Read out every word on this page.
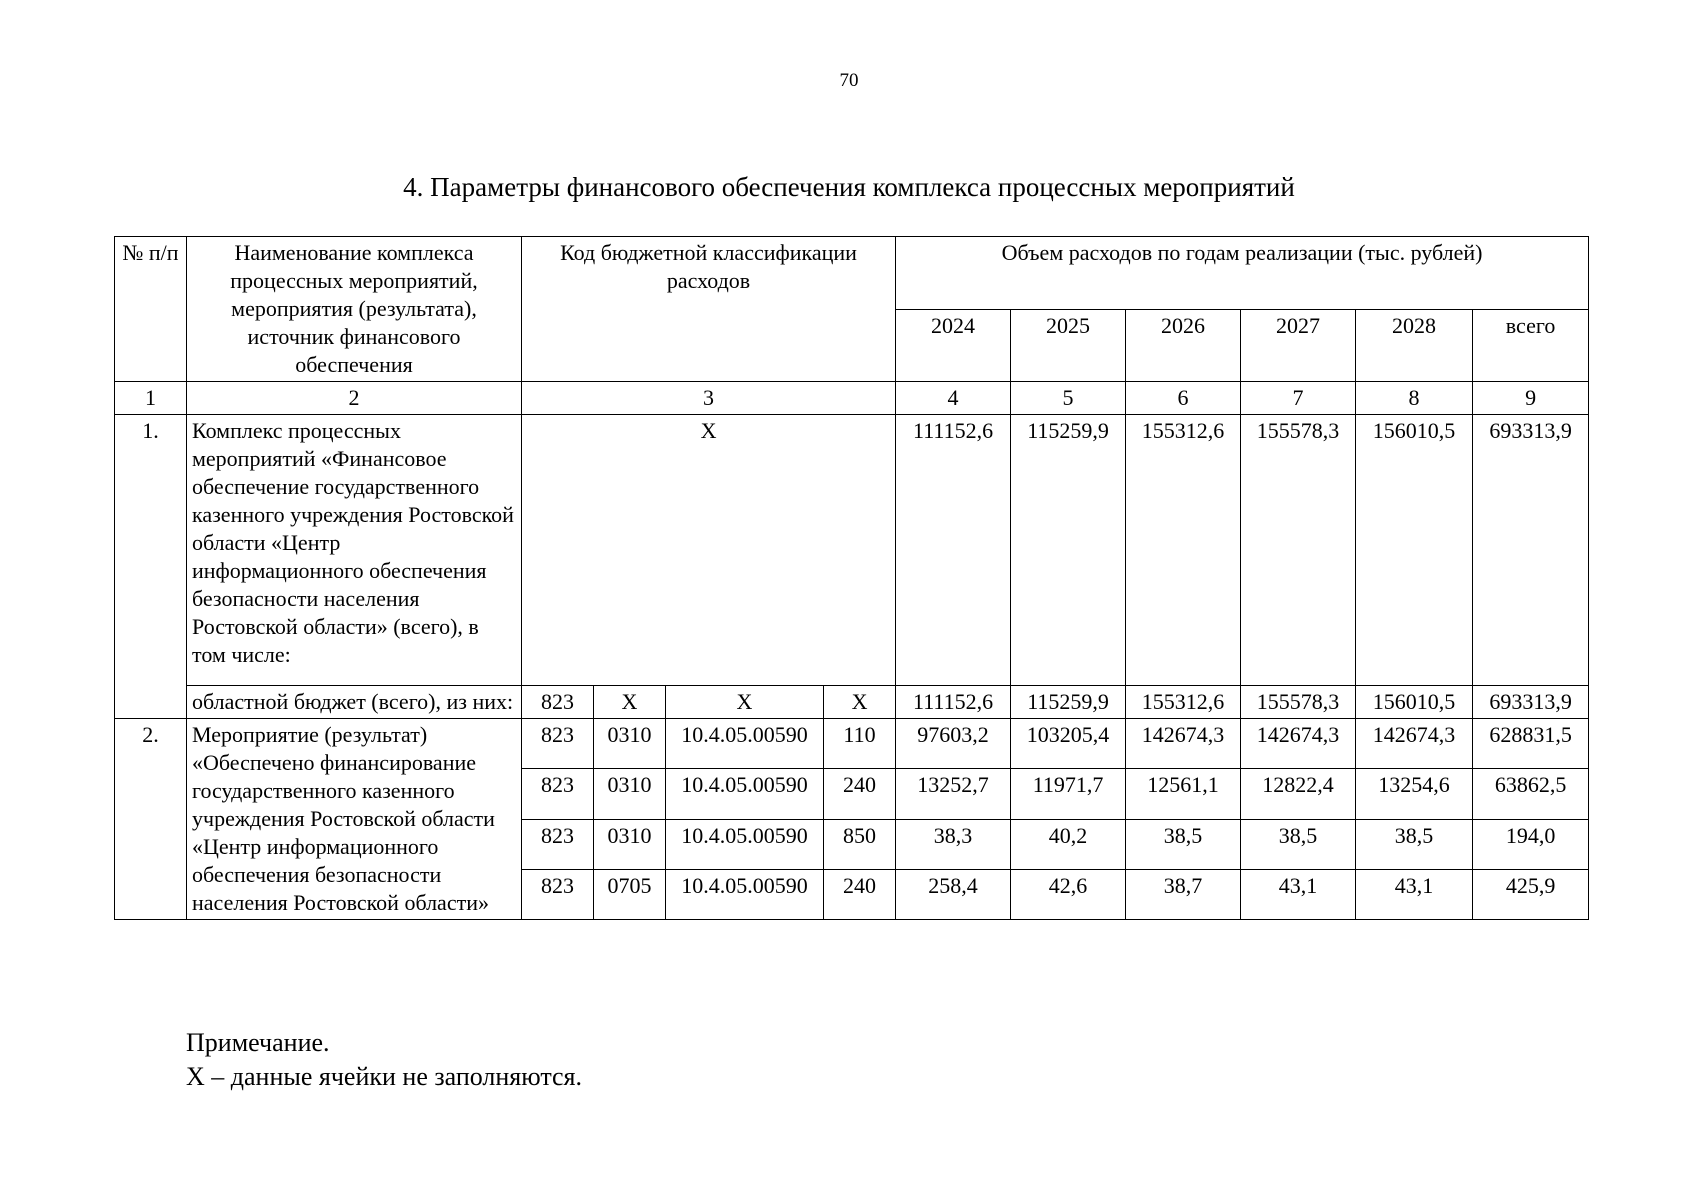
70
4. Параметры финансового обеспечения комплекса процессных мероприятий
№ п/п	Наименование комплекса процессных мероприятий, мероприятия (результата), источник финансового обеспечения	Код бюджетной классификации расходов				Объем расходов по годам реализации (тыс. рублей)					
						2024	2025	2026	2027	2028	всего
1	2	3				4	5	6	7	8	9
1.	Комплекс процессных мероприятий «Финансовое обеспечение государственного казенного учреждения Ростовской области «Центр информационного обеспечения безопасности населения Ростовской области» (всего), в том числе:	X				111152,6	115259,9	155312,6	155578,3	156010,5	693313,9
	областной бюджет (всего), из них:	823	X	X	X	111152,6	115259,9	155312,6	155578,3	156010,5	693313,9
2.	Мероприятие (результат) «Обеспечено финансирование государственного казенного учреждения Ростовской области «Центр информационного обеспечения безопасности населения Ростовской области»	823	0310	10.4.05.00590	110	97603,2	103205,4	142674,3	142674,3	142674,3	628831,5
		823	0310	10.4.05.00590	240	13252,7	11971,7	12561,1	12822,4	13254,6	63862,5
		823	0310	10.4.05.00590	850	38,3	40,2	38,5	38,5	38,5	194,0
		823	0705	10.4.05.00590	240	258,4	42,6	38,7	43,1	43,1	425,9
Примечание.
X – данные ячейки не заполняются.
